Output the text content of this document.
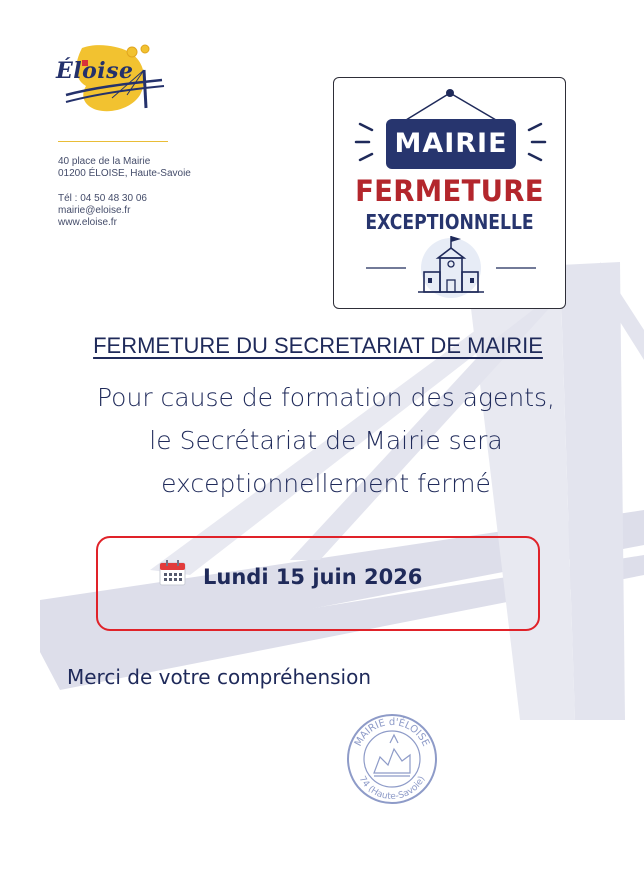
Éloise
40 place de la Mairie
01200 ÉLOISE, Haute-Savoie
Tél : 04 50 48 30 06
mairie@eloise.fr
www.eloise.fr
MAIRIE
FERMETURE
EXCEPTIONNELLE
FERMETURE DU SECRETARIAT DE MAIRIE
Pour cause de formation des agents,
le Secrétariat de Mairie sera
exceptionnellement fermé
Lundi 15 juin 2026
Merci de votre compréhension
MAIRIE d'ÉLOISE
74 (Haute-Savoie)
